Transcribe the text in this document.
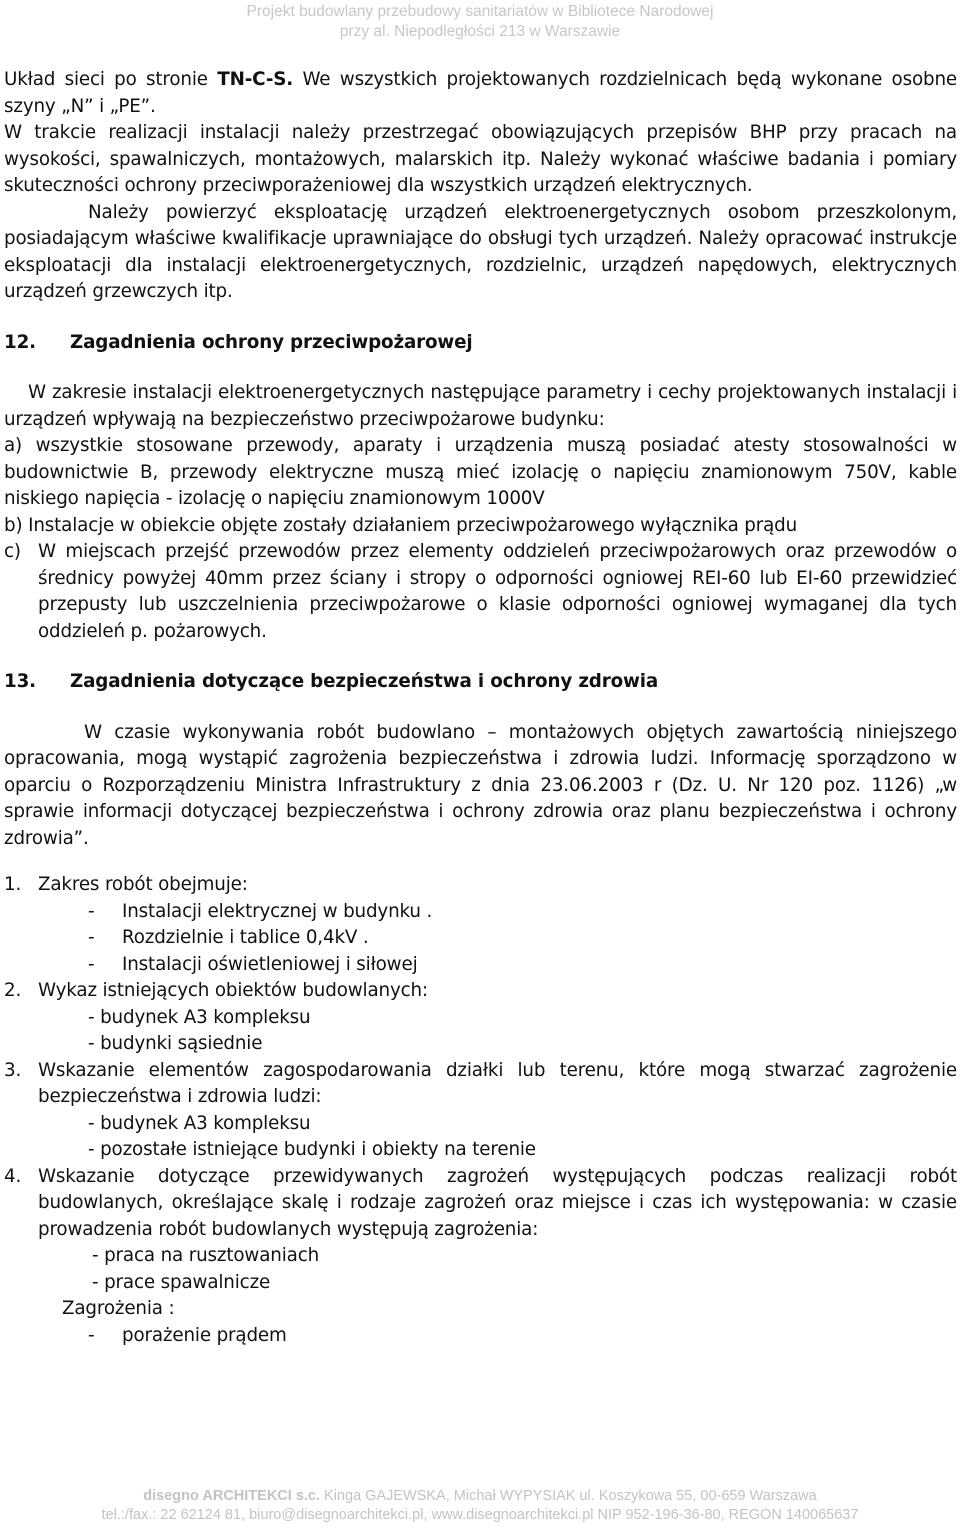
Projekt budowlany przebudowy sanitariatów w Bibliotece Narodowej
przy al. Niepodległości 213 w Warszawie

Układ sieci po stronie TN-C-S. We wszystkich projektowanych rozdzielnicach będą wykonane osobne szyny „N” i „PE”.

W trakcie realizacji instalacji należy przestrzegać obowiązujących przepisów BHP przy pracach na wysokości, spawalniczych, montażowych, malarskich itp. Należy wykonać właściwe badania i pomiary skuteczności ochrony przeciwporażeniowej dla wszystkich urządzeń elektrycznych.

Należy powierzyć eksploatację urządzeń elektroenergetycznych osobom przeszkolonym, posiadającym właściwe kwalifikacje uprawniające do obsługi tych urządzeń. Należy opracować instrukcje eksploatacji dla instalacji elektroenergetycznych, rozdzielnic, urządzeń napędowych, elektrycznych urządzeń grzewczych itp.

12.	Zagadnienia ochrony przeciwpożarowej

W zakresie instalacji elektroenergetycznych następujące parametry i cechy projektowanych instalacji i urządzeń wpływają na bezpieczeństwo przeciwpożarowe budynku:

a) wszystkie stosowane przewody, aparaty i urządzenia muszą posiadać atesty stosowalności w budownictwie B, przewody elektryczne muszą mieć izolację o napięciu znamionowym 750V, kable niskiego napięcia - izolację o napięciu znamionowym 1000V

b) Instalacje w obiekcie objęte zostały działaniem przeciwpożarowego wyłącznika prądu

c) W miejscach przejść przewodów przez elementy oddzieleń przeciwpożarowych oraz przewodów o średnicy powyżej 40mm przez ściany i stropy o odporności ogniowej REI-60 lub EI-60 przewidzieć przepusty lub uszczelnienia przeciwpożarowe o klasie odporności ogniowej wymaganej dla tych oddzieleń p. pożarowych.
13.	Zagadnienia dotyczące bezpieczeństwa i ochrony zdrowia

W czasie wykonywania robót budowlano – montażowych objętych zawartością niniejszego opracowania, mogą wystąpić zagrożenia bezpieczeństwa i zdrowia ludzi. Informację sporządzono w oparciu o Rozporządzeniu Ministra Infrastruktury z dnia 23.06.2003 r (Dz. U. Nr 120 poz. 1126) „w sprawie informacji dotyczącej bezpieczeństwa i ochrony zdrowia oraz planu bezpieczeństwa i ochrony zdrowia”.

1. Zakres robót obejmuje:
-	Instalacji elektrycznej w budynku .
-	Rozdzielnie i tablice 0,4kV .
-	Instalacji oświetleniowej i siłowej
2. Wykaz istniejących obiektów budowlanych:
- budynek A3 kompleksu
- budynki sąsiednie
3. Wskazanie elementów zagospodarowania działki lub terenu, które mogą stwarzać zagrożenie bezpieczeństwa i zdrowia ludzi:
- budynek A3 kompleksu
- pozostałe istniejące budynki i obiekty na terenie
4. Wskazanie dotyczące przewidywanych zagrożeń występujących podczas realizacji robót budowlanych, określające skalę i rodzaje zagrożeń oraz miejsce i czas ich występowania: w czasie prowadzenia robót budowlanych występują zagrożenia:
- praca na rusztowaniach
- prace spawalnicze
Zagrożenia :
-	porażenie prądem
disegno ARCHITEKCI s.c. Kinga GAJEWSKA, Michał WYPYSIAK ul. Koszykowa 55, 00-659 Warszawa
tel.:/fax.: 22 62124 81, biuro@disegnoarchitekci.pl, www.disegnoarchitekci.pl NIP 952-196-36-80, REGON 140065637
